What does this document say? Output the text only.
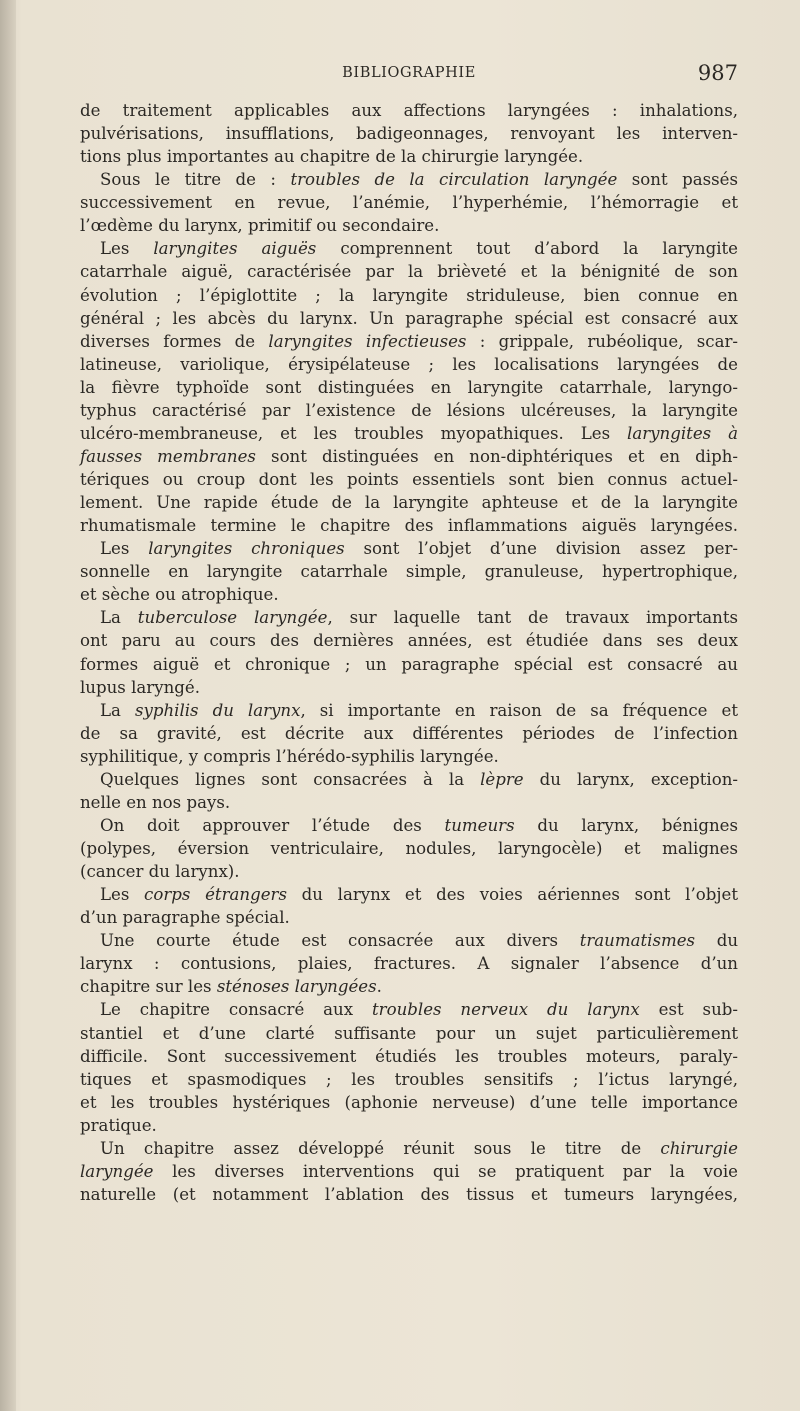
BIBLIOGRAPHIE	987
de traitement applicables aux affections laryngées : inhalations,
pulvérisations, insufflations, badigeonnages, renvoyant les interven-
tions plus importantes au chapitre de la chirurgie laryngée.
Sous le titre de : troubles de la circulation laryngée sont passés
successivement en revue, l’anémie, l’hyperhémie, l’hémorragie et
l’œdème du larynx, primitif ou secondaire.
Les laryngites aiguës comprennent tout d’abord la laryngite
catarrhale aiguë, caractérisée par la brièveté et la bénignité de son
évolution ; l’épiglottite ; la laryngite striduleuse, bien connue en
général ; les abcès du larynx. Un paragraphe spécial est consacré aux
diverses formes de laryngites infectieuses : grippale, rubéolique, scar-
latineuse, variolique, érysipélateuse ; les localisations laryngées de
la fièvre typhoïde sont distinguées en laryngite catarrhale, laryngo-
typhus caractérisé par l’existence de lésions ulcéreuses, la laryngite
ulcéro-membraneuse, et les troubles myopathiques. Les laryngites à
fausses membranes sont distinguées en non-diphtériques et en diph-
tériques ou croup dont les points essentiels sont bien connus actuel-
lement. Une rapide étude de la laryngite aphteuse et de la laryngite
rhumatismale termine le chapitre des inflammations aiguës laryngées.
Les laryngites chroniques sont l’objet d’une division assez per-
sonnelle en laryngite catarrhale simple, granuleuse, hypertrophique,
et sèche ou atrophique.
La tuberculose laryngée, sur laquelle tant de travaux importants
ont paru au cours des dernières années, est étudiée dans ses deux
formes aiguë et chronique ; un paragraphe spécial est consacré au
lupus laryngé.
La syphilis du larynx, si importante en raison de sa fréquence et
de sa gravité, est décrite aux différentes périodes de l’infection
syphilitique, y compris l’hérédo-syphilis laryngée.
Quelques lignes sont consacrées à la lèpre du larynx, exception-
nelle en nos pays.
On doit approuver l’étude des tumeurs du larynx, bénignes
(polypes, éversion ventriculaire, nodules, laryngocèle) et malignes
(cancer du larynx).
Les corps étrangers du larynx et des voies aériennes sont l’objet
d’un paragraphe spécial.
Une courte étude est consacrée aux divers traumatismes du
larynx : contusions, plaies, fractures. A signaler l’absence d’un
chapitre sur les sténoses laryngées.
Le chapitre consacré aux troubles nerveux du larynx est sub-
stantiel et d’une clarté suffisante pour un sujet particulièrement
difficile. Sont successivement étudiés les troubles moteurs, paraly-
tiques et spasmodiques ; les troubles sensitifs ; l’ictus laryngé,
et les troubles hystériques (aphonie nerveuse) d’une telle importance
pratique.
Un chapitre assez développé réunit sous le titre de chirurgie
laryngée les diverses interventions qui se pratiquent par la voie
naturelle (et notamment l’ablation des tissus et tumeurs laryngées,
